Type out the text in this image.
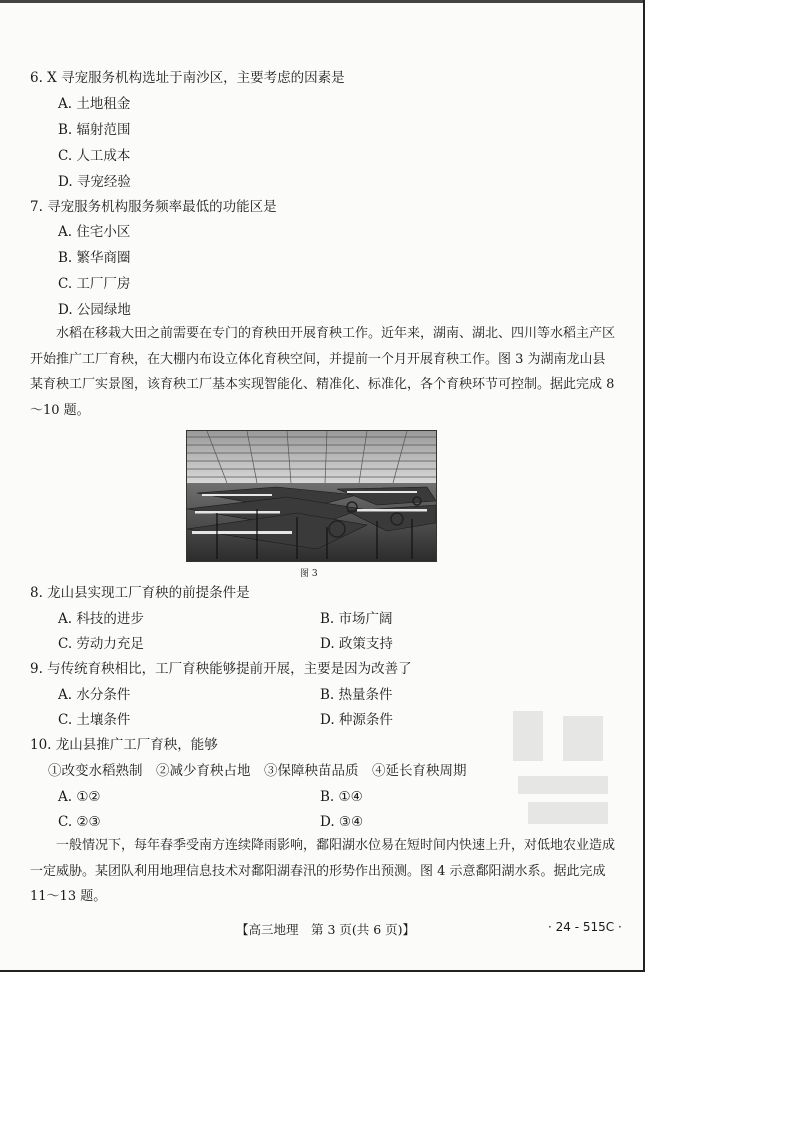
6. X 寻宠服务机构选址于南沙区，主要考虑的因素是
A. 土地租金
B. 辐射范围
C. 人工成本
D. 寻宠经验
7. 寻宠服务机构服务频率最低的功能区是
A. 住宅小区
B. 繁华商圈
C. 工厂厂房
D. 公园绿地
水稻在移栽大田之前需要在专门的育秧田开展育秧工作。近年来，湖南、湖北、四川等水稻主产区开始推广工厂育秧，在大棚内布设立体化育秧空间，并提前一个月开展育秧工作。图 3 为湖南龙山县某育秧工厂实景图，该育秧工厂基本实现智能化、精准化、标准化，各个育秧环节可控制。据此完成 8～10 题。
图 3
8. 龙山县实现工厂育秧的前提条件是
A. 科技的进步	B. 市场广阔
C. 劳动力充足	D. 政策支持
9. 与传统育秧相比，工厂育秧能够提前开展，主要是因为改善了
A. 水分条件	B. 热量条件
C. 土壤条件	D. 种源条件
10. 龙山县推广工厂育秧，能够
①改变水稻熟制　②减少育秧占地　③保障秧苗品质　④延长育秧周期
A. ①②	B. ①④
C. ②③	D. ③④
一般情况下，每年春季受南方连续降雨影响，鄱阳湖水位易在短时间内快速上升，对低地农业造成一定威胁。某团队利用地理信息技术对鄱阳湖春汛的形势作出预测。图 4 示意鄱阳湖水系。据此完成 11～13 题。
【高三地理　第 3 页(共 6 页)】	· 24 - 515C ·
